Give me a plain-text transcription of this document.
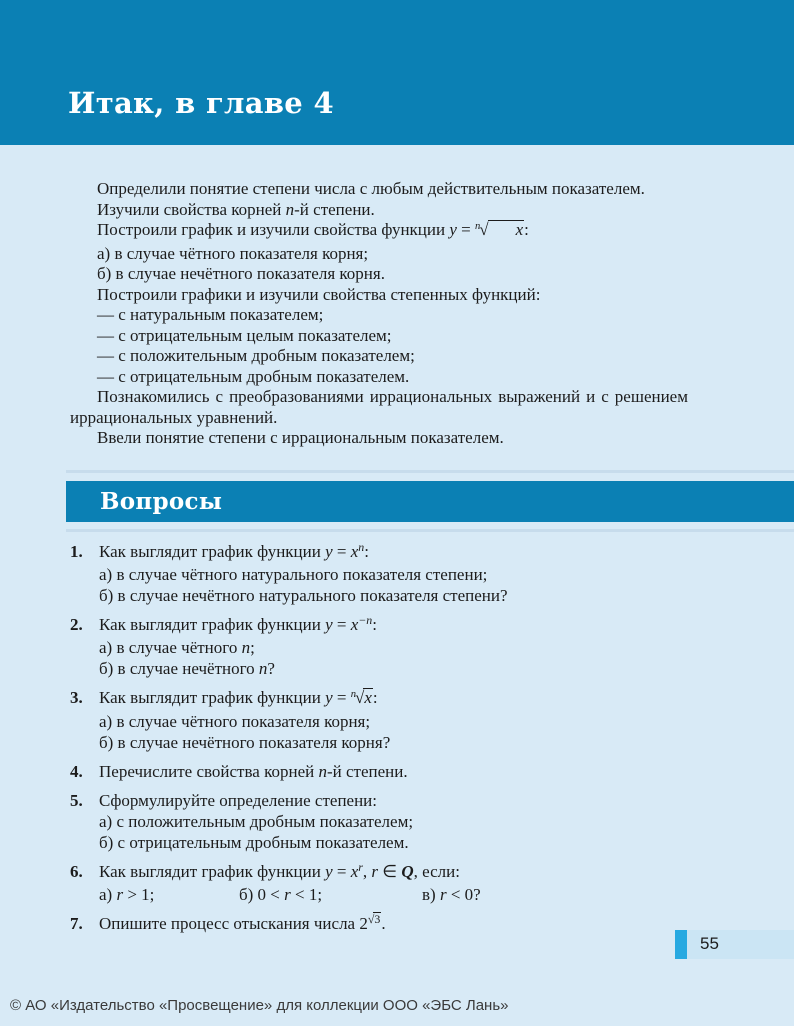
Итак, в главе 4
Определили понятие степени числа с любым действительным показателем.
Изучили свойства корней n-й степени.
Построили график и изучили свойства функции y = $^n$√ x:
а) в случае чётного показателя корня;
б) в случае нечётного показателя корня.
Построили графики и изучили свойства степенных функций:
— с натуральным показателем;
— с отрицательным целым показателем;
— с положительным дробным показателем;
— с отрицательным дробным показателем.
Познакомились с преобразованиями иррациональных выражений и с решением иррациональных уравнений.
Ввели понятие степени с иррациональным показателем.
Вопросы
1. Как выглядит график функции $y = x^n$:
а) в случае чётного натурального показателя степени;
б) в случае нечётного натурального показателя степени?
2. Как выглядит график функции $y = x^{-n}$:
а) в случае чётного n;
б) в случае нечётного n?
3. Как выглядит график функции y = $^n$√x:
а) в случае чётного показателя корня;
б) в случае нечётного показателя корня?
4. Перечислите свойства корней n-й степени.
5. Сформулируйте определение степени:
а) с положительным дробным показателем;
б) с отрицательным дробным показателем.
6. Как выглядит график функции $y = x^r$, r ∈ Q, если:
а) r > 1;	б) 0 < r < 1;	в) r < 0?
7. Опишите процесс отыскания числа $2^{√3}$.
55
© АО «Издательство «Просвещение» для коллекции ООО «ЭБС Лань»
